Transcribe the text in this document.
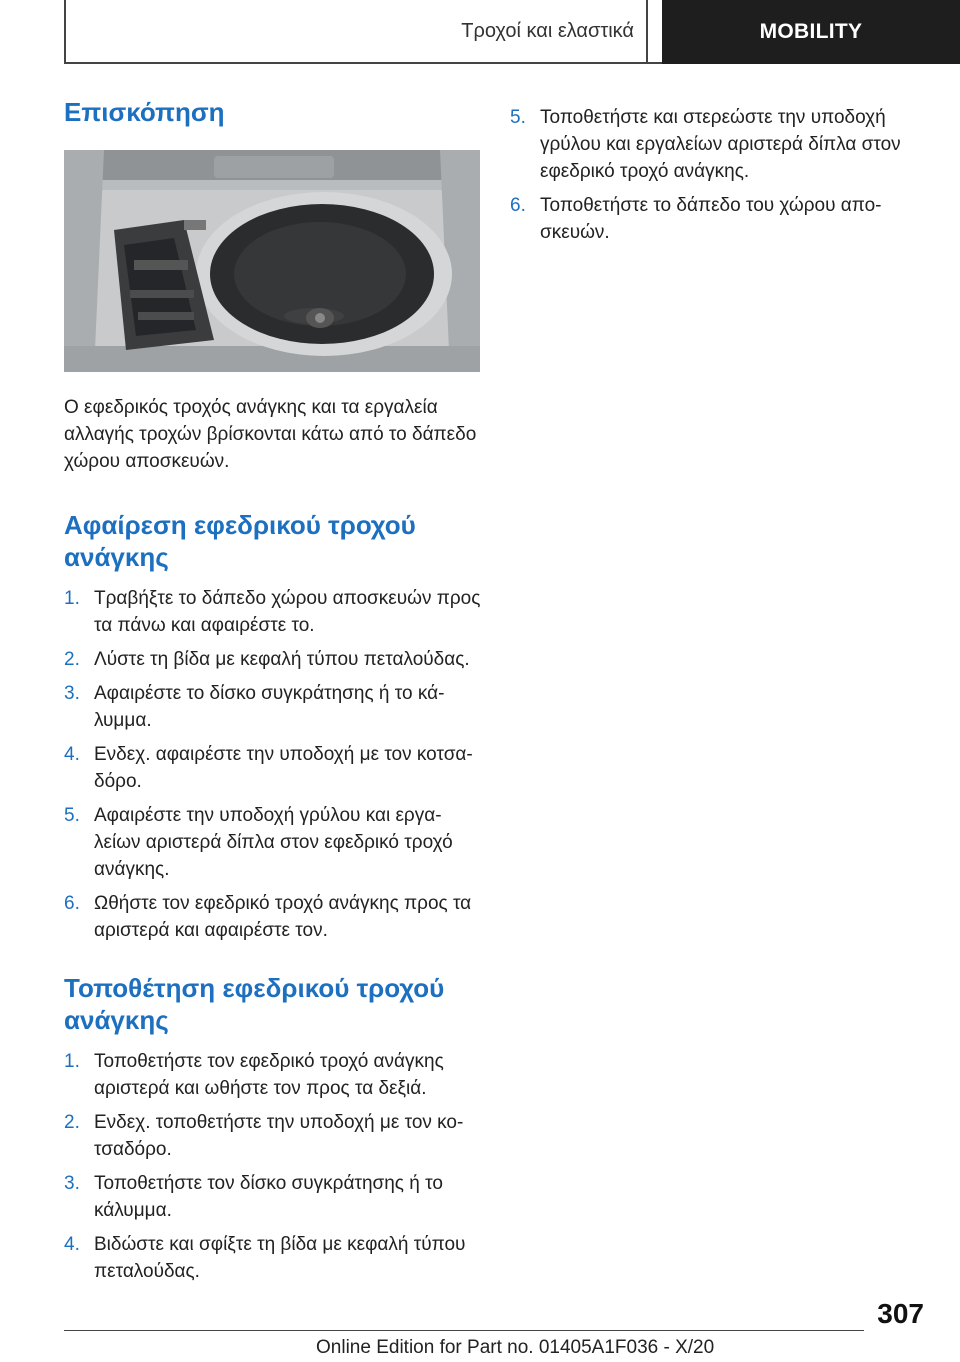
Τροχοί και ελαστικά	MOBILITY
Επισκόπηση

Ο εφεδρικός τροχός ανάγκης και τα εργαλεία αλλαγής τροχών βρίσκονται κάτω από το δάπεδο χώρου αποσκευών.

Αφαίρεση εφεδρικού τροχού ανάγκης
1. Τραβήξτε το δάπεδο χώρου αποσκευών προς τα πάνω και αφαιρέστε το.
2. Λύστε τη βίδα με κεφαλή τύπου πεταλούδας.
3. Αφαιρέστε το δίσκο συγκράτησης ή το κά-λυμμα.
4. Ενδεχ. αφαιρέστε την υποδοχή με τον κοτσα-δόρο.
5. Αφαιρέστε την υποδοχή γρύλου και εργα-λείων αριστερά δίπλα στον εφεδρικό τροχό ανάγκης.
6. Ωθήστε τον εφεδρικό τροχό ανάγκης προς τα αριστερά και αφαιρέστε τον.
Τοποθέτηση εφεδρικού τροχού ανάγκης
1. Τοποθετήστε τον εφεδρικό τροχό ανάγκης αριστερά και ωθήστε τον προς τα δεξιά.
2. Ενδεχ. τοποθετήστε την υποδοχή με τον κο-τσαδόρο.
3. Τοποθετήστε τον δίσκο συγκράτησης ή το κάλυμμα.
4. Βιδώστε και σφίξτε τη βίδα με κεφαλή τύπου πεταλούδας.
5. Τοποθετήστε και στερεώστε την υποδοχή γρύλου και εργαλείων αριστερά δίπλα στον εφεδρικό τροχό ανάγκης.
6. Τοποθετήστε το δάπεδο του χώρου απο-σκευών.
307
Online Edition for Part no. 01405A1F036 - X/20
